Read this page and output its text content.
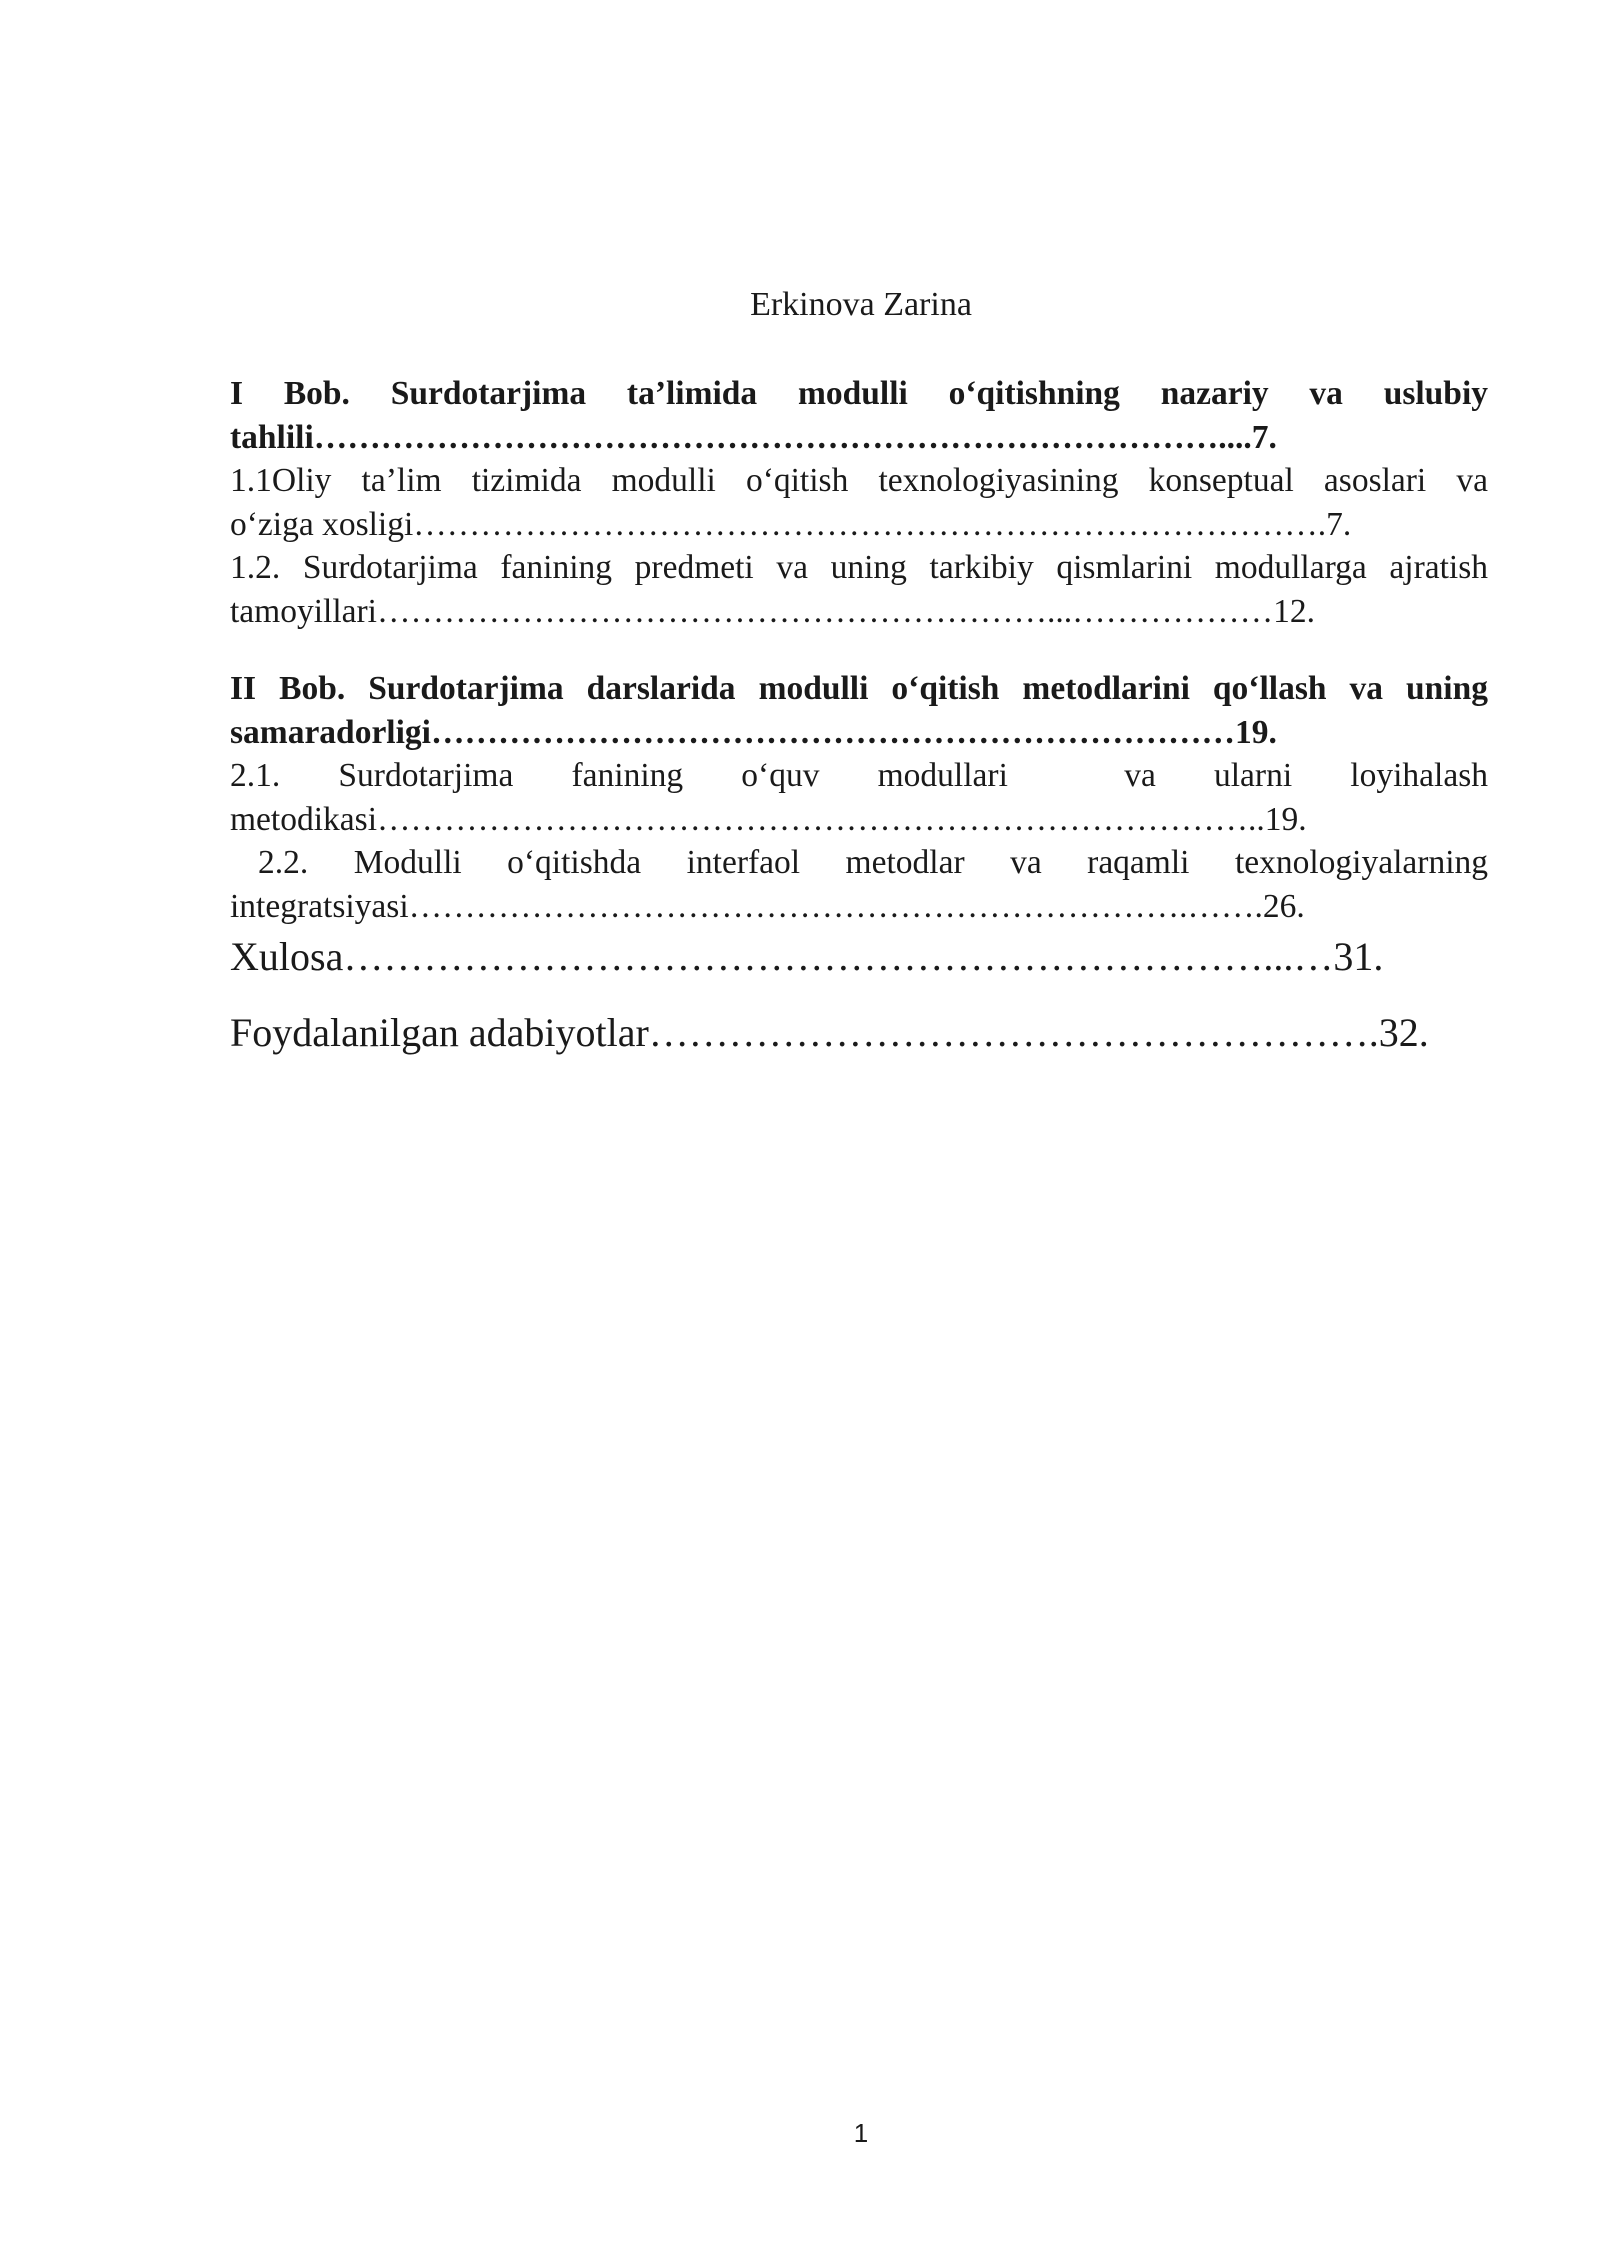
Erkinova Zarina

I Bob. Surdotarjima ta’limida modulli o‘qitishning nazariy va uslubiy
tahlili………………………………………………………………………....7.

1.1Oliy ta’lim tizimida modulli o‘qitish texnologiyasining konseptual asoslari va
o‘ziga xosligi……………………………………………………………………….7.

1.2. Surdotarjima fanining predmeti va uning tarkibiy qismlarini modullarga ajratish
tamoyillari……………………………………………………...………………12.

II Bob. Surdotarjima darslarida modulli o‘qitish metodlarini qo‘llash va uning
samaradorligi………………………………………………………………19.

2.1. Surdotarjima fanining o‘quv modullari  va ularni loyihalash
metodikasi……………………………………………………………………..19.

2.2. Modulli o‘qitishda interfaol metodlar va raqamli texnologiyalarning
integratsiyasi…………………………………………………………….…….26.

Xulosa……………………………………………………………...…31.

Foydalanilgan adabiyotlar……………………………………………….32.

1
